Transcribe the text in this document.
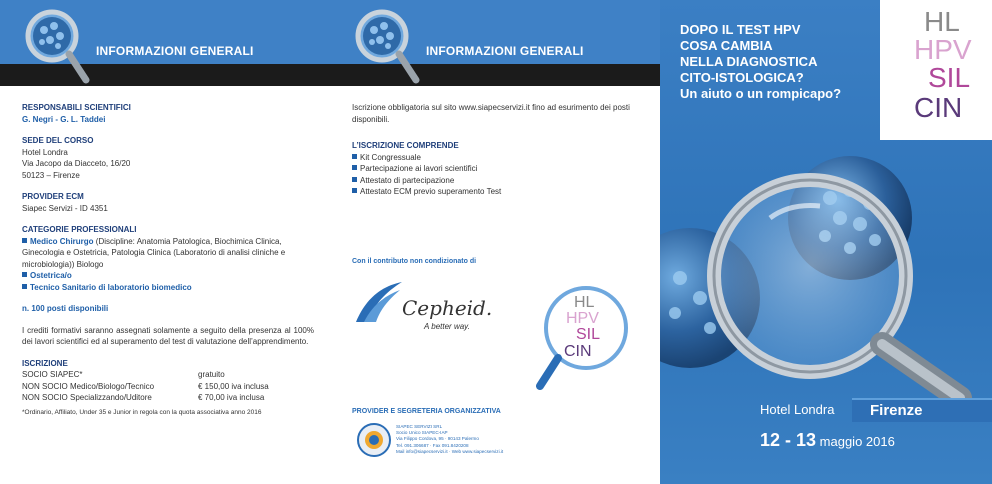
INFORMAZIONI GENERALI
RESPONSABILI SCIENTIFICI
G. Negri - G. L. Taddei
SEDE DEL CORSO
Hotel Londra
Via Jacopo da Diacceto, 16/20
50123 – Firenze
PROVIDER ECM
Siapec Servizi - ID 4351
CATEGORIE PROFESSIONALI
Medico Chirurgo (Discipline: Anatomia Patologica, Biochimica Clinica, Ginecologia e Ostetricia, Patologia Clinica (Laboratorio di analisi cliniche e microbiologia)) Biologo
Ostetrica/o
Tecnico Sanitario di laboratorio biomedico
n. 100 posti disponibili
I crediti formativi saranno assegnati solamente a seguito della presenza al 100% dei lavori scientifici ed al superamento del test di valutazione dell’apprendimento.
ISCRIZIONE
SOCIO SIAPEC*	gratuito
NON SOCIO Medico/Biologo/Tecnico	€ 150,00 iva inclusa
NON SOCIO Specializzando/Uditore	€ 70,00 iva inclusa
*Ordinario, Affiliato, Under 35 e Junior in regola con la quota associativa anno 2016
INFORMAZIONI GENERALI
Iscrizione obbligatoria sul sito www.siapecservizi.it fino ad esurimento dei posti disponibili.
L’ISCRIZIONE COMPRENDE
Kit Congressuale
Partecipazione ai lavori scientifici
Attestato di partecipazione
Attestato ECM previo superamento Test
Con il contributo non condizionato di
Cepheid.
A better way.
HL
HPV
SIL
CIN
PROVIDER E SEGRETERIA ORGANIZZATIVA
SIAPEC SERVIZI SRL
Socio Unico SIAPEC-IAP
Via Filippo Cordova, 95 · 90143 Palermo
Tel. 091.306687 · Fax 091.8420208
Mail info@siapecservizi.it · Web www.siapecservizi.it
DOPO IL TEST HPV
COSA CAMBIA
NELLA DIAGNOSTICA
CITO-ISTOLOGICA?
Un aiuto o un rompicapo?
HL
HPV
SIL
CIN
Hotel Londra Firenze
12 - 13 maggio 2016
